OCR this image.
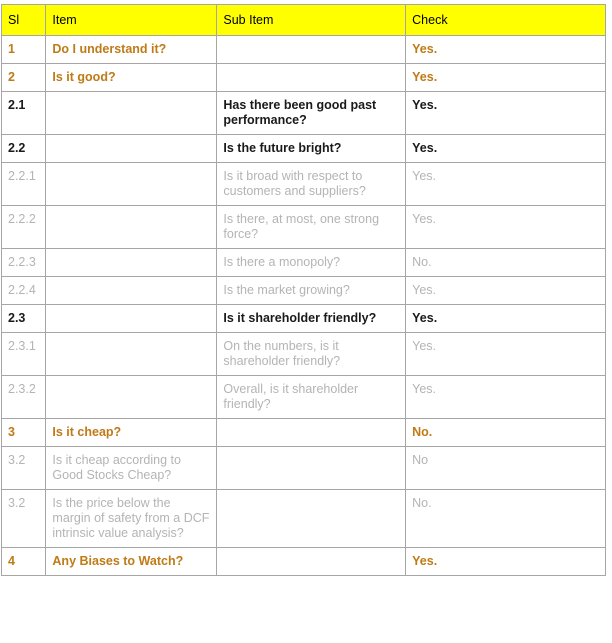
Sl	Item	Sub Item	Check
1	Do I understand it?		Yes.
2	Is it good?		Yes.
2.1		Has there been good past performance?	Yes.
2.2		Is the future bright?	Yes.
2.2.1		Is it broad with respect to customers and suppliers?	Yes.
2.2.2		Is there, at most, one strong force?	Yes.
2.2.3		Is there a monopoly?	No.
2.2.4		Is the market growing?	Yes.
2.3		Is it shareholder friendly?	Yes.
2.3.1		On the numbers, is it shareholder friendly?	Yes.
2.3.2		Overall, is it shareholder friendly?	Yes.
3	Is it cheap?		No.
3.2	Is it cheap according to Good Stocks Cheap?		No
3.2	Is the price below the margin of safety from a DCF intrinsic value analysis?		No.
4	Any Biases to Watch?		Yes.
